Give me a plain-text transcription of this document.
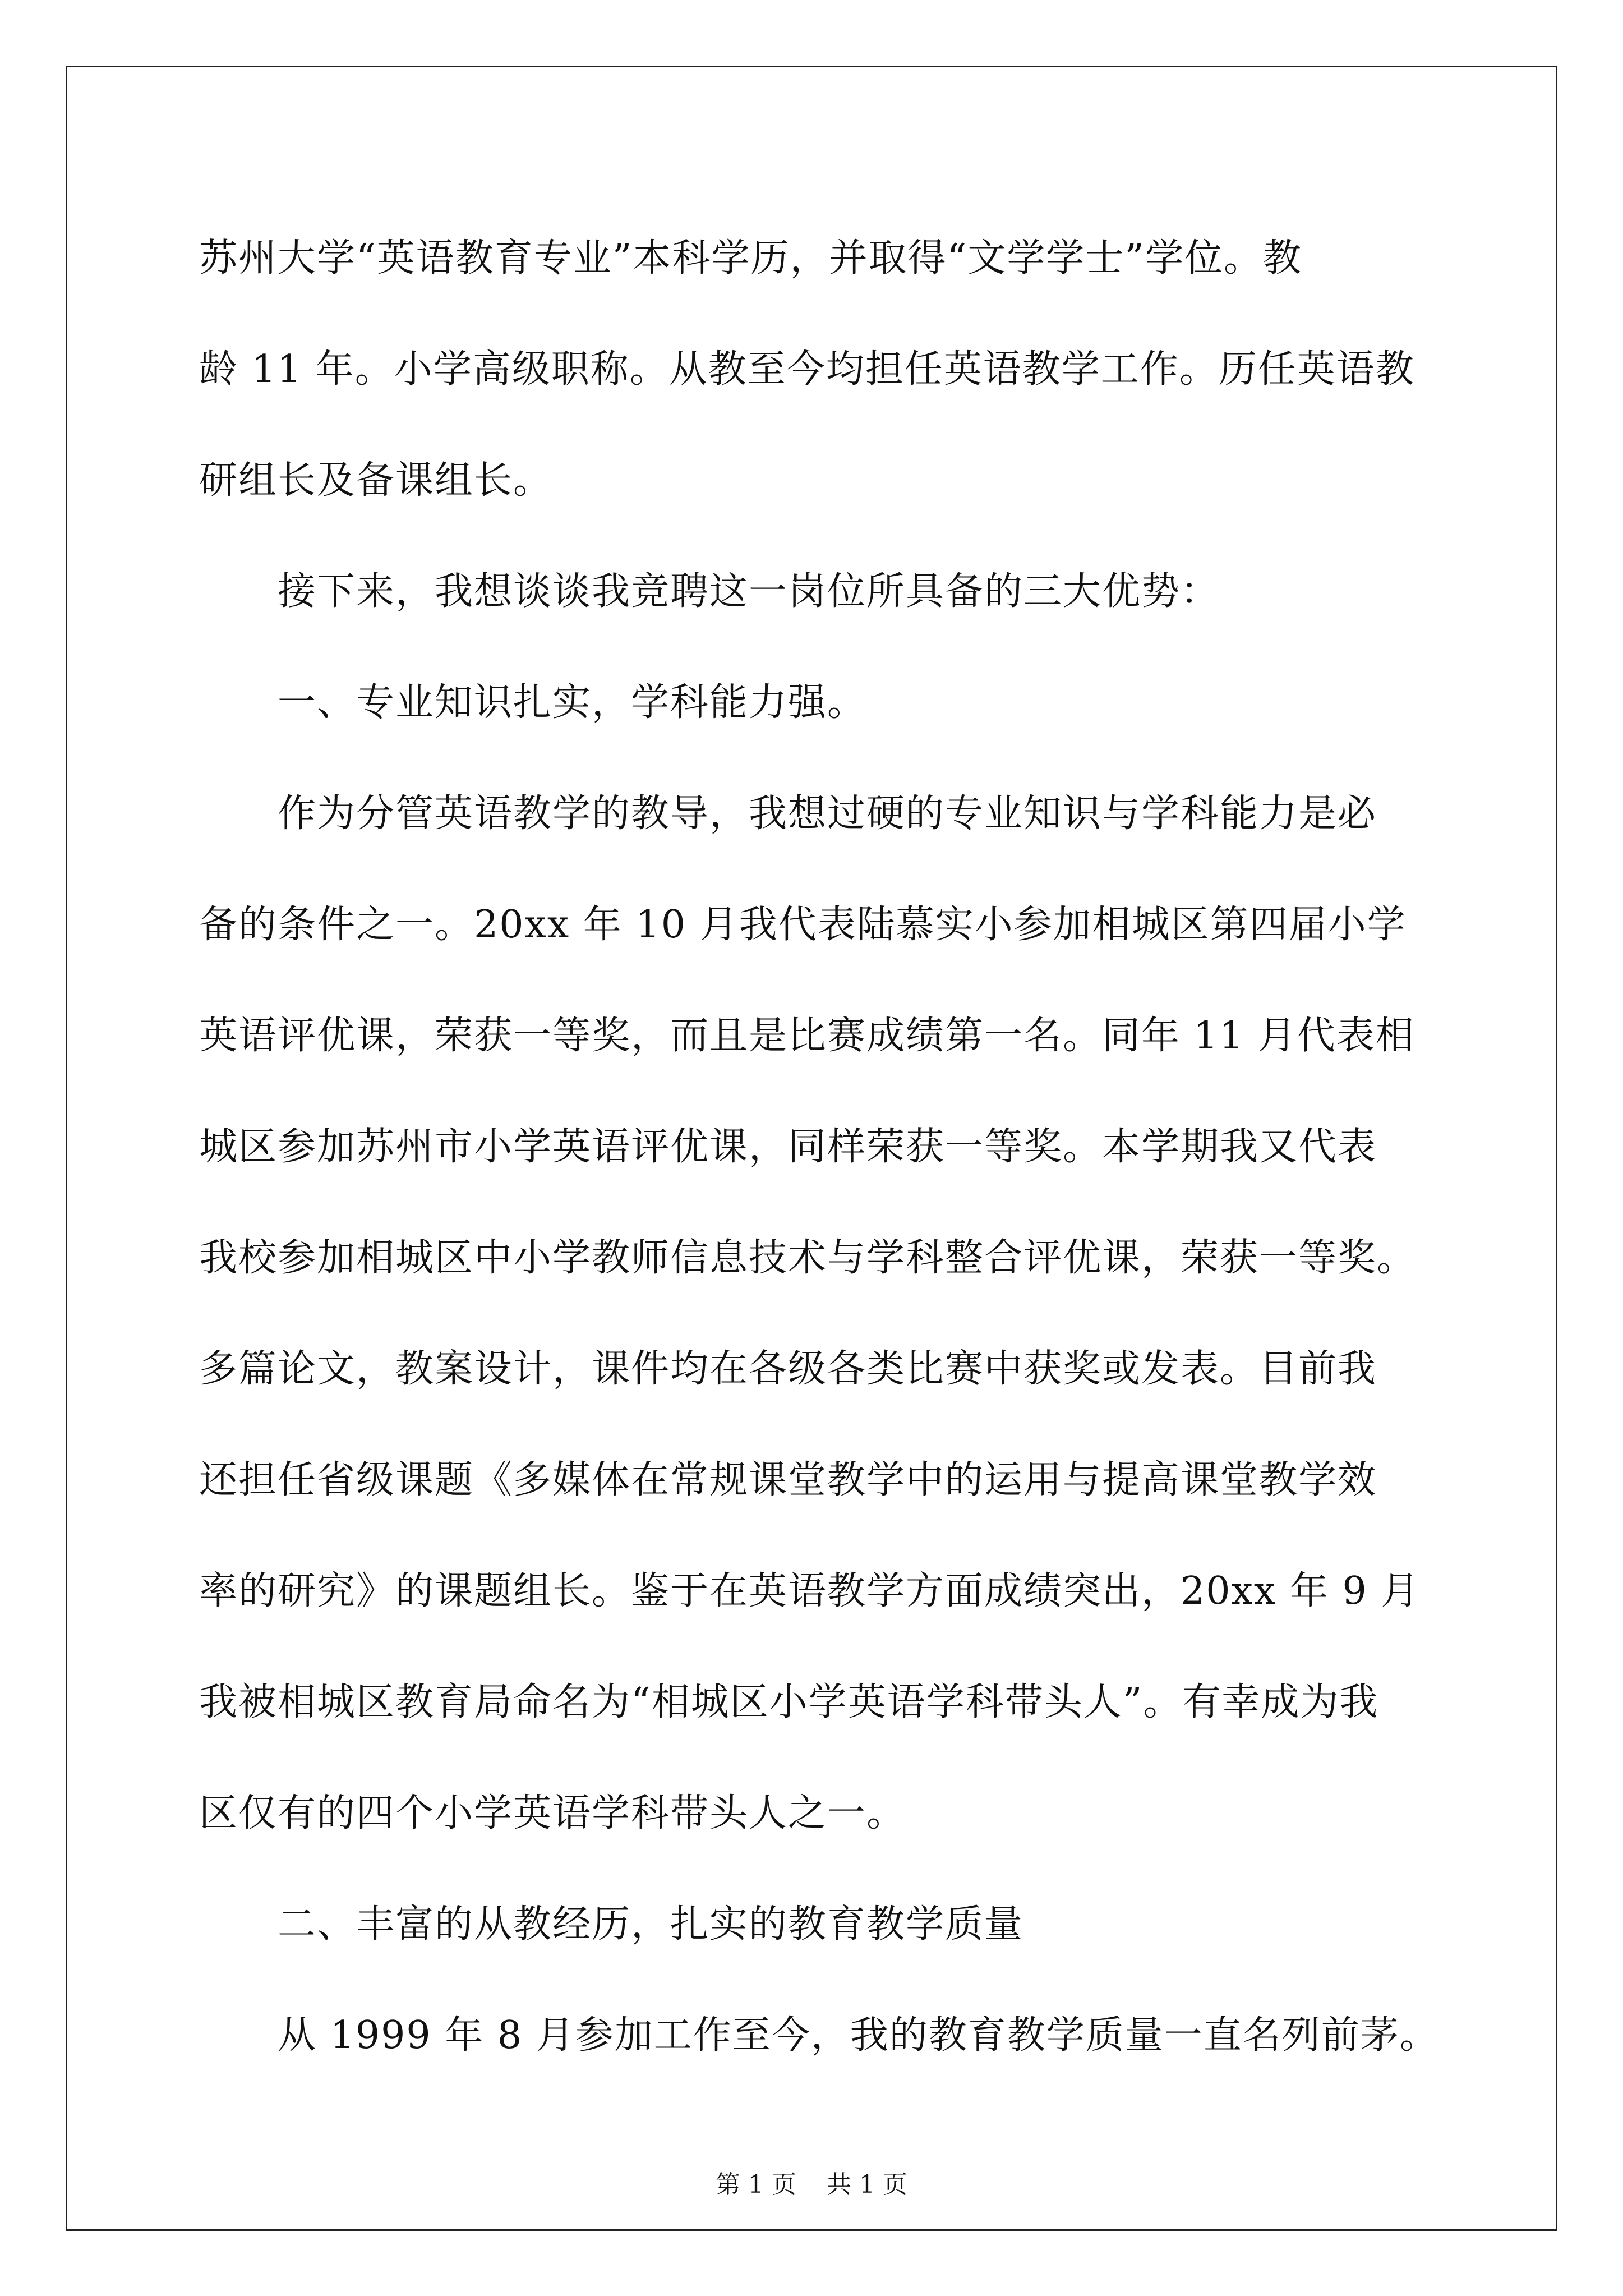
苏州大学“英语教育专业”本科学历，并取得“文学学士”学位。教
龄 11 年。小学高级职称。从教至今均担任英语教学工作。历任英语教
研组长及备课组长。
接下来，我想谈谈我竞聘这一岗位所具备的三大优势：
一、专业知识扎实，学科能力强。
作为分管英语教学的教导，我想过硬的专业知识与学科能力是必
备的条件之一。20xx 年 10 月我代表陆慕实小参加相城区第四届小学
英语评优课，荣获一等奖，而且是比赛成绩第一名。同年 11 月代表相
城区参加苏州市小学英语评优课，同样荣获一等奖。本学期我又代表
我校参加相城区中小学教师信息技术与学科整合评优课，荣获一等奖。
多篇论文，教案设计，课件均在各级各类比赛中获奖或发表。目前我
还担任省级课题《多媒体在常规课堂教学中的运用与提高课堂教学效
率的研究》的课题组长。鉴于在英语教学方面成绩突出，20xx 年 9 月
我被相城区教育局命名为“相城区小学英语学科带头人”。有幸成为我
区仅有的四个小学英语学科带头人之一。
二、丰富的从教经历，扎实的教育教学质量
从 1999 年 8 月参加工作至今，我的教育教学质量一直名列前茅。
第 1 页 共 1 页
